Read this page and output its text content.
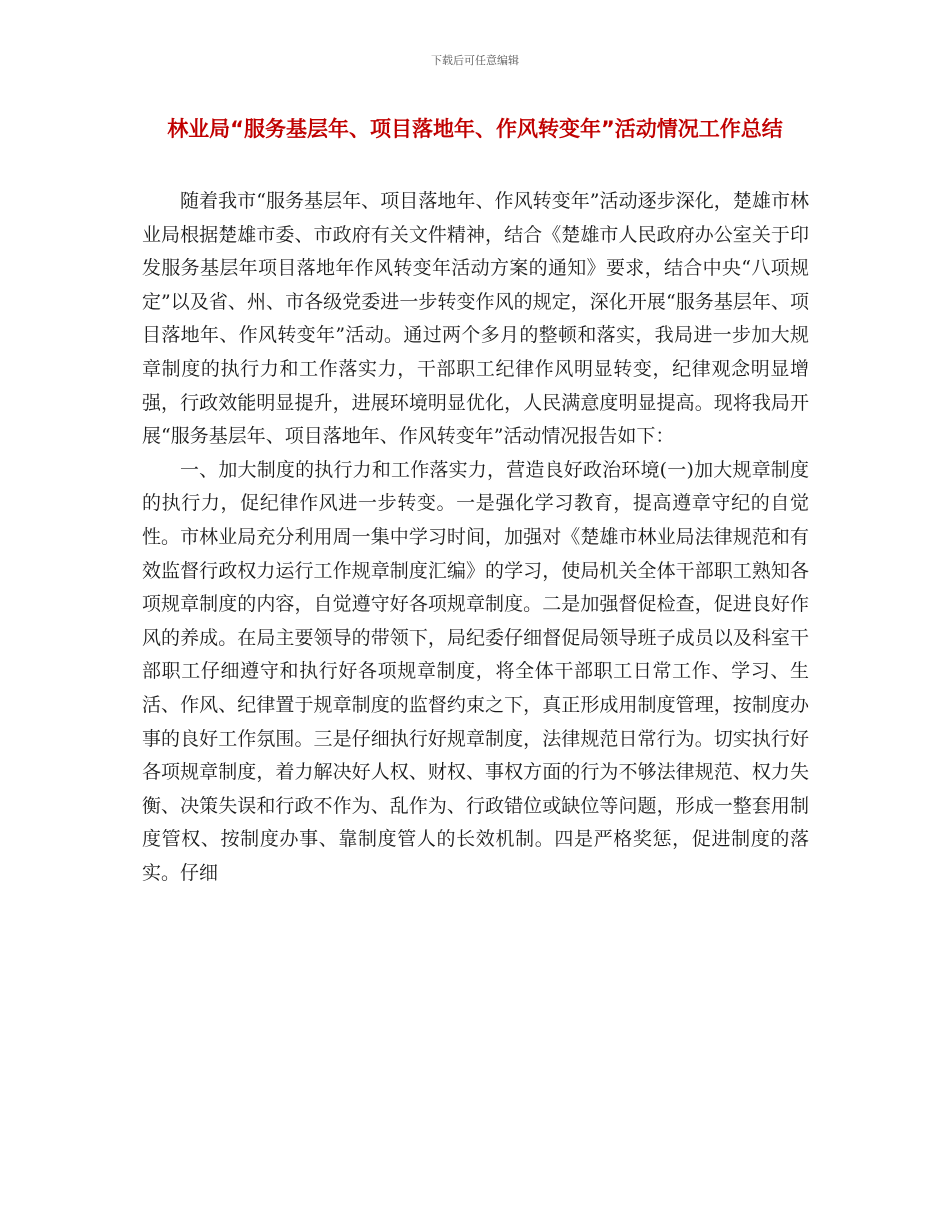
下载后可任意编辑
林业局“服务基层年、项目落地年、作风转变年”活动情况工作总结

随着我市“服务基层年、项目落地年、作风转变年”活动逐步深化，楚雄市林业局根据楚雄市委、市政府有关文件精神，结合《楚雄市人民政府办公室关于印发服务基层年项目落地年作风转变年活动方案的通知》要求，结合中央“八项规定”以及省、州、市各级党委进一步转变作风的规定，深化开展“服务基层年、项目落地年、作风转变年”活动。通过两个多月的整顿和落实，我局进一步加大规章制度的执行力和工作落实力，干部职工纪律作风明显转变，纪律观念明显增强，行政效能明显提升，进展环境明显优化，人民满意度明显提高。现将我局开展“服务基层年、项目落地年、作风转变年”活动情况报告如下：

一、加大制度的执行力和工作落实力，营造良好政治环境(一)加大规章制度的执行力，促纪律作风进一步转变。一是强化学习教育，提高遵章守纪的自觉性。市林业局充分利用周一集中学习时间，加强对《楚雄市林业局法律规范和有效监督行政权力运行工作规章制度汇编》的学习，使局机关全体干部职工熟知各项规章制度的内容，自觉遵守好各项规章制度。二是加强督促检查，促进良好作风的养成。在局主要领导的带领下，局纪委仔细督促局领导班子成员以及科室干部职工仔细遵守和执行好各项规章制度，将全体干部职工日常工作、学习、生活、作风、纪律置于规章制度的监督约束之下，真正形成用制度管理，按制度办事的良好工作氛围。三是仔细执行好规章制度，法律规范日常行为。切实执行好各项规章制度，着力解决好人权、财权、事权方面的行为不够法律规范、权力失衡、决策失误和行政不作为、乱作为、行政错位或缺位等问题，形成一整套用制度管权、按制度办事、靠制度管人的长效机制。四是严格奖惩，促进制度的落实。仔细
